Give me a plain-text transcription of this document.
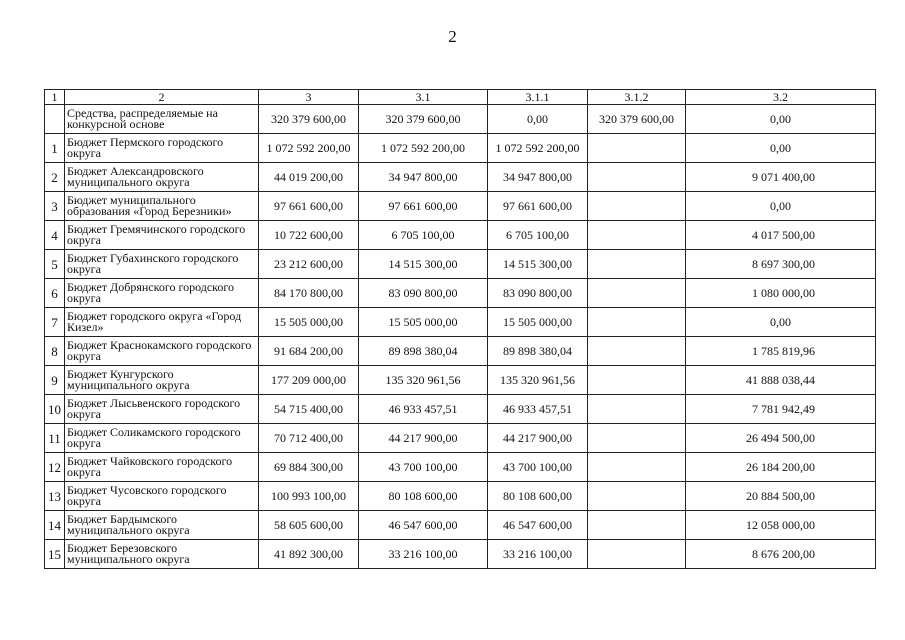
2
1	2	3	3.1	3.1.1	3.1.2	3.2
	Средства, распределяемые на конкурсной основе	320 379 600,00	320 379 600,00	0,00	320 379 600,00	0,00
1	Бюджет Пермского городского округа	1 072 592 200,00	1 072 592 200,00	1 072 592 200,00		0,00
2	Бюджет Александровского муниципального округа	44 019 200,00	34 947 800,00	34 947 800,00		9 071 400,00
3	Бюджет муниципального образования «Город Березники»	97 661 600,00	97 661 600,00	97 661 600,00		0,00
4	Бюджет Гремячинского городского округа	10 722 600,00	6 705 100,00	6 705 100,00		4 017 500,00
5	Бюджет Губахинского городского округа	23 212 600,00	14 515 300,00	14 515 300,00		8 697 300,00
6	Бюджет Добрянского городского округа	84 170 800,00	83 090 800,00	83 090 800,00		1 080 000,00
7	Бюджет городского округа «Город Кизел»	15 505 000,00	15 505 000,00	15 505 000,00		0,00
8	Бюджет Краснокамского городского округа	91 684 200,00	89 898 380,04	89 898 380,04		1 785 819,96
9	Бюджет Кунгурского муниципального округа	177 209 000,00	135 320 961,56	135 320 961,56		41 888 038,44
10	Бюджет Лысьвенского городского округа	54 715 400,00	46 933 457,51	46 933 457,51		7 781 942,49
11	Бюджет Соликамского городского округа	70 712 400,00	44 217 900,00	44 217 900,00		26 494 500,00
12	Бюджет Чайковского городского округа	69 884 300,00	43 700 100,00	43 700 100,00		26 184 200,00
13	Бюджет Чусовского городского округа	100 993 100,00	80 108 600,00	80 108 600,00		20 884 500,00
14	Бюджет Бардымского муниципального округа	58 605 600,00	46 547 600,00	46 547 600,00		12 058 000,00
15	Бюджет Березовского муниципального округа	41 892 300,00	33 216 100,00	33 216 100,00		8 676 200,00
